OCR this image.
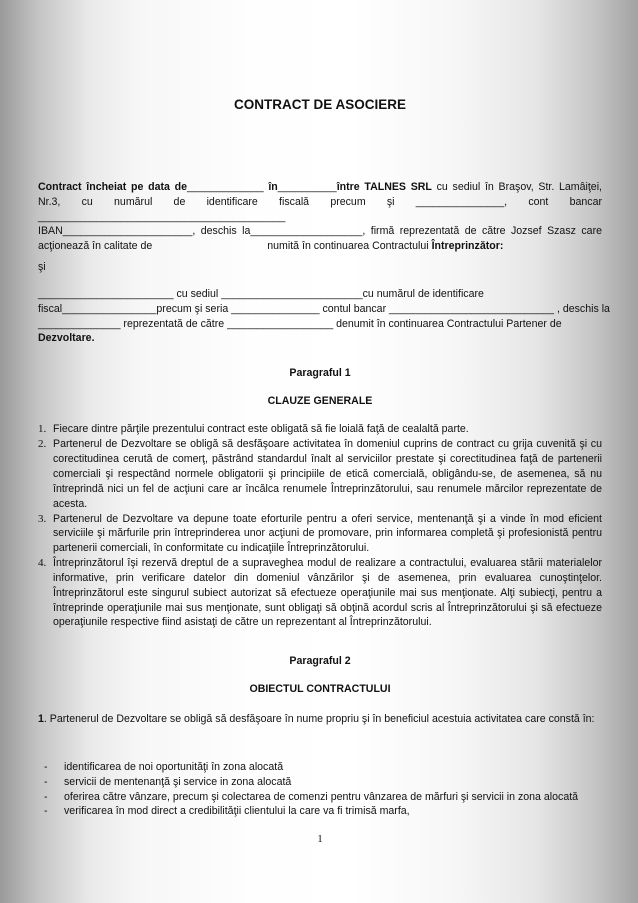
CONTRACT DE ASOCIERE
Contract încheiat pe data de_____________ în__________între TALNES SRL cu sediul în Braşov, Str. Lamâiţei,
Nr.3, cu numărul de identificare fiscală precum şi _______________, cont bancar
__________________________________________
IBAN______________________, deschis la___________________, firmă reprezentată de către Jozsef Szasz care
acţionează în calitate de	numită în continuarea Contractului Întreprinzător:
şi
_______________________ cu sediul ________________________cu numărul de identificare
fiscal________________precum şi seria _______________ contul bancar ____________________________ , deschis la
______________ reprezentată de către __________________ denumit în continuarea Contractului Partener de
Dezvoltare.
Paragraful 1
CLAUZE GENERALE
1. Fiecare dintre părţile prezentului contract este obligată să fie loială faţă de cealaltă parte.
2. Partenerul de Dezvoltare se obligă să desfăşoare activitatea în domeniul cuprins de contract cu grija cuvenită şi cu corectitudinea cerută de comerţ, păstrând standardul înalt al serviciilor prestate şi corectitudinea faţă de partenerii comerciali şi respectând normele obligatorii şi principiile de etică comercială, obligându-se, de asemenea, să nu întreprindă nici un fel de acţiuni care ar încălca renumele Întreprinzătorului, sau renumele mărcilor reprezentate de acesta.
3. Partenerul de Dezvoltare va depune toate eforturile pentru a oferi service, mentenanţă şi a vinde în mod eficient serviciile şi mărfurile prin întreprinderea unor acţiuni de promovare, prin informarea completă şi profesionistă pentru partenerii comerciali, în conformitate cu indicaţiile Întreprinzătorului.
4. Întreprinzătorul îşi rezervă dreptul de a supraveghea modul de realizare a contractului, evaluarea stării materialelor informative, prin verificare datelor din domeniul vânzărilor şi de asemenea, prin evaluarea cunoştinţelor. Întreprinzătorul este singurul subiect autorizat să efectueze operaţiunile mai sus menţionate. Alţi subiecţi, pentru a întreprinde operaţiunile mai sus menţionate, sunt obligaţi să obţină acordul scris al Întreprinzătorului şi să efectueze operaţiunile respective fiind asistaţi de către un reprezentant al Întreprinzătorului.
Paragraful 2
OBIECTUL CONTRACTULUI
1. Partenerul de Dezvoltare se obligă să desfăşoare în nume propriu şi în beneficiul acestuia activitatea care constă în:
-	identificarea de noi oportunităţi în zona alocată
-	servicii de mentenanţă şi service in zona alocată
-	oferirea către vânzare, precum şi colectarea de comenzi pentru vânzarea de mărfuri şi servicii in zona alocată
-	verificarea în mod direct a credibilităţii clientului la care va fi trimisă marfa,
1
